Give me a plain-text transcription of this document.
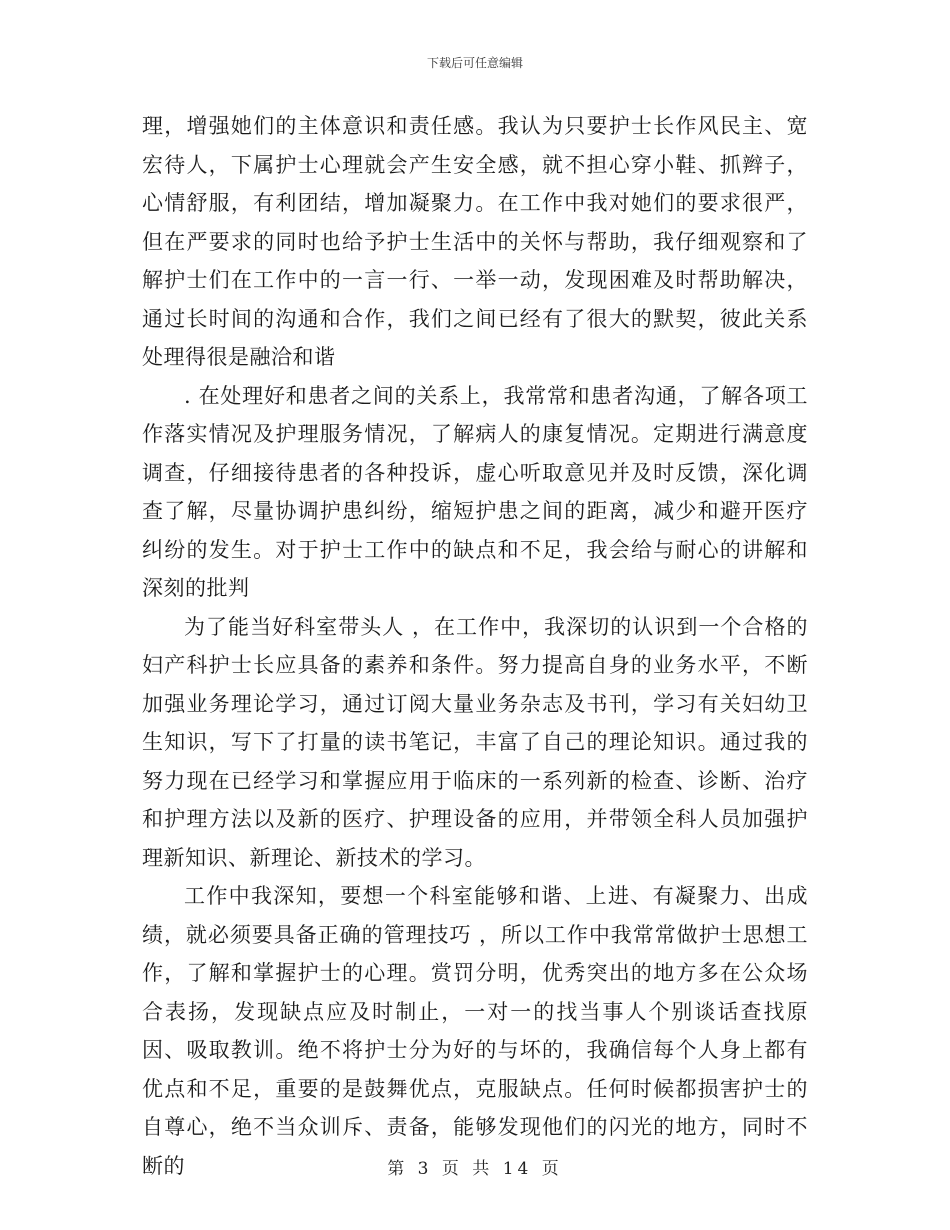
下载后可任意编辑

理，增强她们的主体意识和责任感。我认为只要护士长作风民主、宽宏待人，下属护士心理就会产生安全感，就不担心穿小鞋、抓辫子，心情舒服，有利团结，增加凝聚力。在工作中我对她们的要求很严，但在严要求的同时也给予护士生活中的关怀与帮助，我仔细观察和了解护士们在工作中的一言一行、一举一动，发现困难及时帮助解决，通过长时间的沟通和合作，我们之间已经有了很大的默契，彼此关系处理得很是融洽和谐

. 在处理好和患者之间的关系上，我常常和患者沟通，了解各项工作落实情况及护理服务情况，了解病人的康复情况。定期进行满意度调查，仔细接待患者的各种投诉，虚心听取意见并及时反馈，深化调查了解，尽量协调护患纠纷，缩短护患之间的距离，减少和避开医疗纠纷的发生。对于护士工作中的缺点和不足，我会给与耐心的讲解和深刻的批判

为了能当好科室带头人 ，在工作中，我深切的认识到一个合格的妇产科护士长应具备的素养和条件。努力提高自身的业务水平，不断加强业务理论学习，通过订阅大量业务杂志及书刊，学习有关妇幼卫生知识，写下了打量的读书笔记，丰富了自己的理论知识。通过我的努力现在已经学习和掌握应用于临床的一系列新的检查、诊断、治疗和护理方法以及新的医疗、护理设备的应用，并带领全科人员加强护理新知识、新理论、新技术的学习。

工作中我深知，要想一个科室能够和谐、上进、有凝聚力、出成绩，就必须要具备正确的管理技巧 ，所以工作中我常常做护士思想工作，了解和掌握护士的心理。赏罚分明，优秀突出的地方多在公众场合表扬，发现缺点应及时制止，一对一的找当事人个别谈话查找原因、吸取教训。绝不将护士分为好的与坏的，我确信每个人身上都有优点和不足，重要的是鼓舞优点，克服缺点。任何时候都损害护士的自尊心，绝不当众训斥、责备，能够发现他们的闪光的地方，同时不断的	第 3 页 共 14 页
